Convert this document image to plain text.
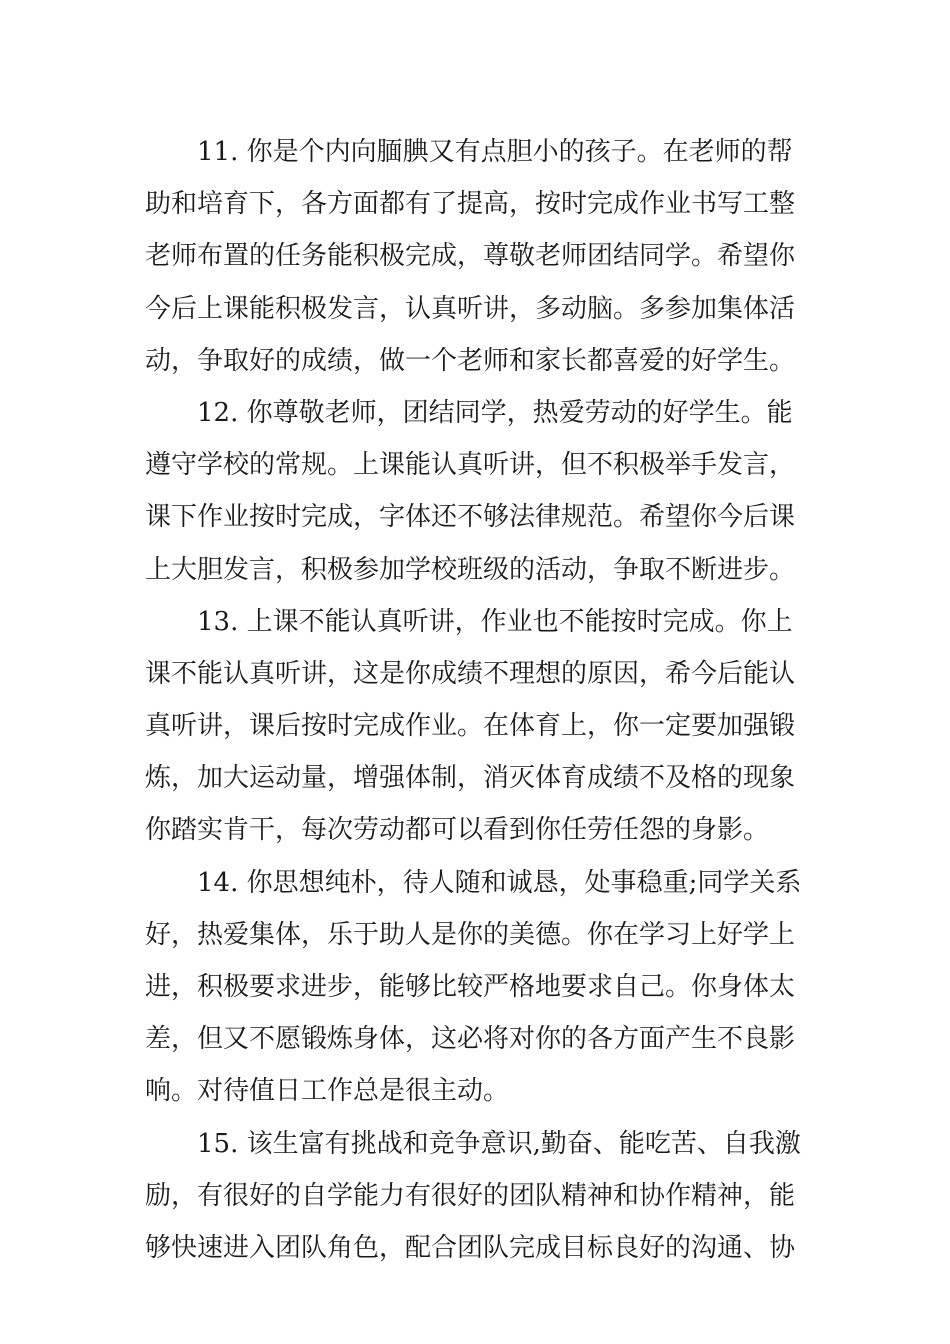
11. 你是个内向腼腆又有点胆小的孩子。在老师的帮
助和培育下，各方面都有了提高，按时完成作业书写工整
老师布置的任务能积极完成，尊敬老师团结同学。希望你
今后上课能积极发言，认真听讲，多动脑。多参加集体活
动，争取好的成绩，做一个老师和家长都喜爱的好学生。
12. 你尊敬老师，团结同学，热爱劳动的好学生。能
遵守学校的常规。上课能认真听讲，但不积极举手发言，
课下作业按时完成，字体还不够法律规范。希望你今后课
上大胆发言，积极参加学校班级的活动，争取不断进步。
13. 上课不能认真听讲，作业也不能按时完成。你上
课不能认真听讲，这是你成绩不理想的原因，希今后能认
真听讲，课后按时完成作业。在体育上，你一定要加强锻
炼，加大运动量，增强体制，消灭体育成绩不及格的现象
你踏实肯干，每次劳动都可以看到你任劳任怨的身影。
14. 你思想纯朴，待人随和诚恳，处事稳重;同学关系
好，热爱集体，乐于助人是你的美德。你在学习上好学上
进，积极要求进步，能够比较严格地要求自己。你身体太
差，但又不愿锻炼身体，这必将对你的各方面产生不良影
响。对待值日工作总是很主动。
15. 该生富有挑战和竞争意识,勤奋、能吃苦、自我激
励，有很好的自学能力有很好的团队精神和协作精神，能
够快速进入团队角色，配合团队完成目标良好的沟通、协
